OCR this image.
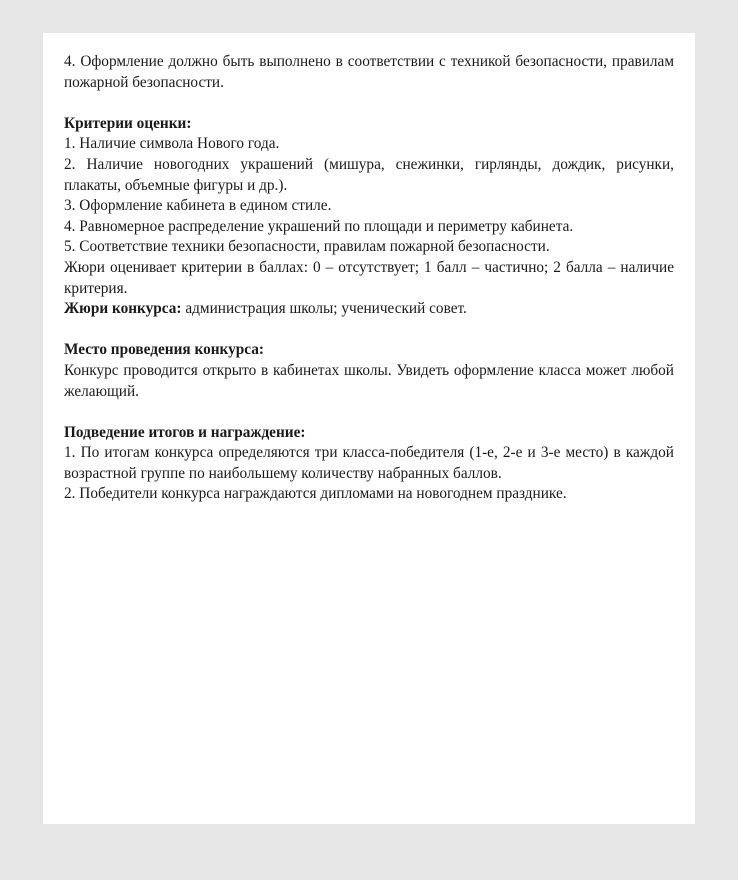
4. Оформление должно быть выполнено в соответствии с техникой безопасности, правилам пожарной безопасности.

Критерии оценки:

1. Наличие символа Нового года.

2. Наличие новогодних украшений (мишура, снежинки, гирлянды, дождик, рисунки, плакаты, объемные фигуры и др.).

3. Оформление кабинета в едином стиле.

4. Равномерное распределение украшений по площади и периметру кабинета.

5. Соответствие техники безопасности, правилам пожарной безопасности.

Жюри оценивает критерии в баллах: 0 – отсутствует; 1 балл – частично; 2 балла – наличие критерия.

Жюри конкурса: администрация школы; ученический совет.

Место проведения конкурса:

Конкурс проводится открыто в кабинетах школы. Увидеть оформление класса может любой желающий.

Подведение итогов и награждение:

1. По итогам конкурса определяются три класса-победителя (1-е, 2-е и 3-е место) в каждой возрастной группе по наибольшему количеству набранных баллов.

2. Победители конкурса награждаются дипломами на новогоднем празднике.
